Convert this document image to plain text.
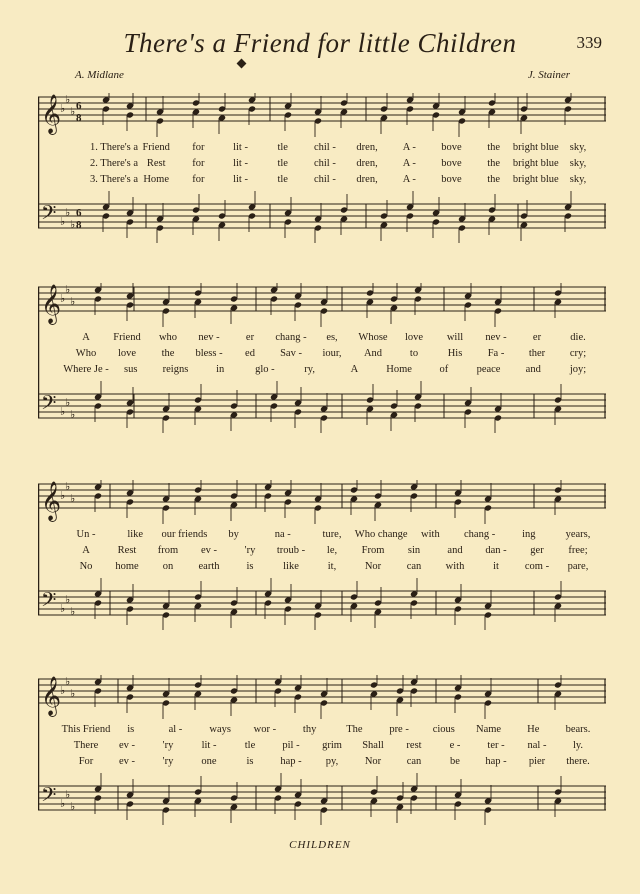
There's a Friend for little Children	339
A. Midlane	J. Stainer
𝄞
♭
♭
♭ 6
8
𝄢 ♭
♭
♭
6
8
1. There's a Friend for	lit -	tle chil - dren, A - bove the bright blue sky,
2. There's a Rest	for	lit -	tle chil - dren, A - bove the bright blue sky,
3. There's a Home for	lit -	tle chil - dren, A - bove the bright blue sky,
𝄞
♭
♭
♭
𝄢 ♭
♭
♭
A Friend who nev -	er chang - es, Whose love will nev -	er	die.
Who love the bless - ed Sav - iour, And	to	His Fa - ther cry;
Where Je - sus reigns	in	glo -	ry,	A	Home	of	peace and	joy;
𝄞
♭
♭
♭
𝄢 ♭
♭
♭
Un -	like our friends by	na -	ture, Who change with chang -	ing	years,
A	Rest from ev -	'ry troub - le, From sin	and dan - ger free;
No home on earth	is	like	it,	Nor can with	it com - pare,
𝄞
♭
♭
♭
𝄢 ♭
♭
♭
This Friend is	al -	ways wor -	thy	The	pre - cious Name He bears.
There ev -	'ry	lit -	tle	pil - grim Shall rest	e -	ter - nal -	ly.
For ev -	'ry	one	is	hap - py,	Nor can	be hap - pier there.
CHILDREN
